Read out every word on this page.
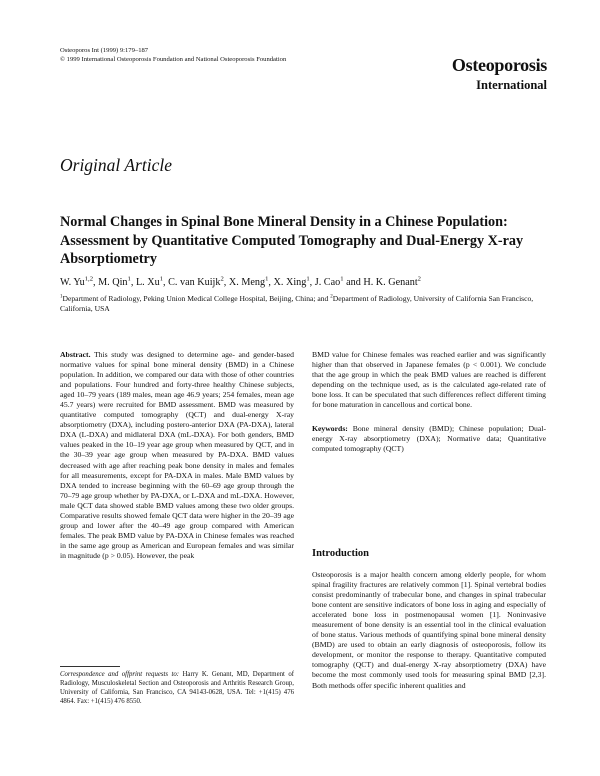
Osteoporos Int (1999) 9:179–187
© 1999 International Osteoporosis Foundation and National Osteoporosis Foundation	Osteoporosis
International
Original Article
Normal Changes in Spinal Bone Mineral Density in a Chinese Population: Assessment by Quantitative Computed Tomography and Dual-Energy X-ray Absorptiometry
W. Yu$^{1,2}$, M. Qin$^1$, L. Xu$^1$, C. van Kuijk$^2$, X. Meng$^1$, X. Xing$^1$, J. Cao$^1$ and H. K. Genant$^2$
$^1$Department of Radiology, Peking Union Medical College Hospital, Beijing, China; and $^2$Department of Radiology, University of California San Francisco, California, USA

Abstract. This study was designed to determine age- and gender-based normative values for spinal bone mineral density (BMD) in a Chinese population. In addition, we compared our data with those of other countries and populations. Four hundred and forty-three healthy Chinese subjects, aged 10–79 years (189 males, mean age 46.9 years; 254 females, mean age 45.7 years) were recruited for BMD assessment. BMD was measured by quantitative computed tomography (QCT) and dual-energy X-ray absorptiometry (DXA), including postero-anterior DXA (PA-DXA), lateral DXA (L-DXA) and midlateral DXA (mL-DXA). For both genders, BMD values peaked in the 10–19 year age group when measured by QCT, and in the 30–39 year age group when measured by PA-DXA. BMD values decreased with age after reaching peak bone density in males and females for all measurements, except for PA-DXA in males. Male BMD values by DXA tended to increase beginning with the 60–69 age group through the 70–79 age group whether by PA-DXA, or L-DXA and mL-DXA. However, male QCT data showed stable BMD values among these two older groups. Comparative results showed female QCT data were higher in the 20–39 age group and lower after the 40–49 age group compared with American females. The peak BMD value by PA-DXA in Chinese females was reached in the same age group as American and European females and was similar in magnitude (p > 0.05). However, the peak

BMD value for Chinese females was reached earlier and was significantly higher than that observed in Japanese females (p < 0.001). We conclude that the age group in which the peak BMD values are reached is different depending on the technique used, as is the calculated age-related rate of bone loss. It can be speculated that such differences reflect different timing for bone maturation in cancellous and cortical bone.

Keywords: Bone mineral density (BMD); Chinese population; Dual-energy X-ray absorptiometry (DXA); Normative data; Quantitative computed tomography (QCT)

Introduction
Osteoporosis is a major health concern among elderly people, for whom spinal fragility fractures are relatively common [1]. Spinal vertebral bodies consist predominantly of trabecular bone, and changes in spinal trabecular bone content are sensitive indicators of bone loss in aging and especially of accelerated bone loss in postmenopausal women [1]. Noninvasive measurement of bone density is an essential tool in the clinical evaluation of bone status. Various methods of quantifying spinal bone mineral density (BMD) are used to obtain an early diagnosis of osteoporosis, follow its development, or monitor the response to therapy. Quantitative computed tomography (QCT) and dual-energy X-ray absorptiometry (DXA) have become the most commonly used tools for measuring spinal BMD [2,3]. Both methods offer specific inherent qualities and
Correspondence and offprint requests to: Harry K. Genant, MD, Department of Radiology, Musculoskeletal Section and Osteoporosis and Arthritis Research Group, University of California, San Francisco, CA 94143-0628, USA. Tel: +1(415) 476 4864. Fax: +1(415) 476 8550.
